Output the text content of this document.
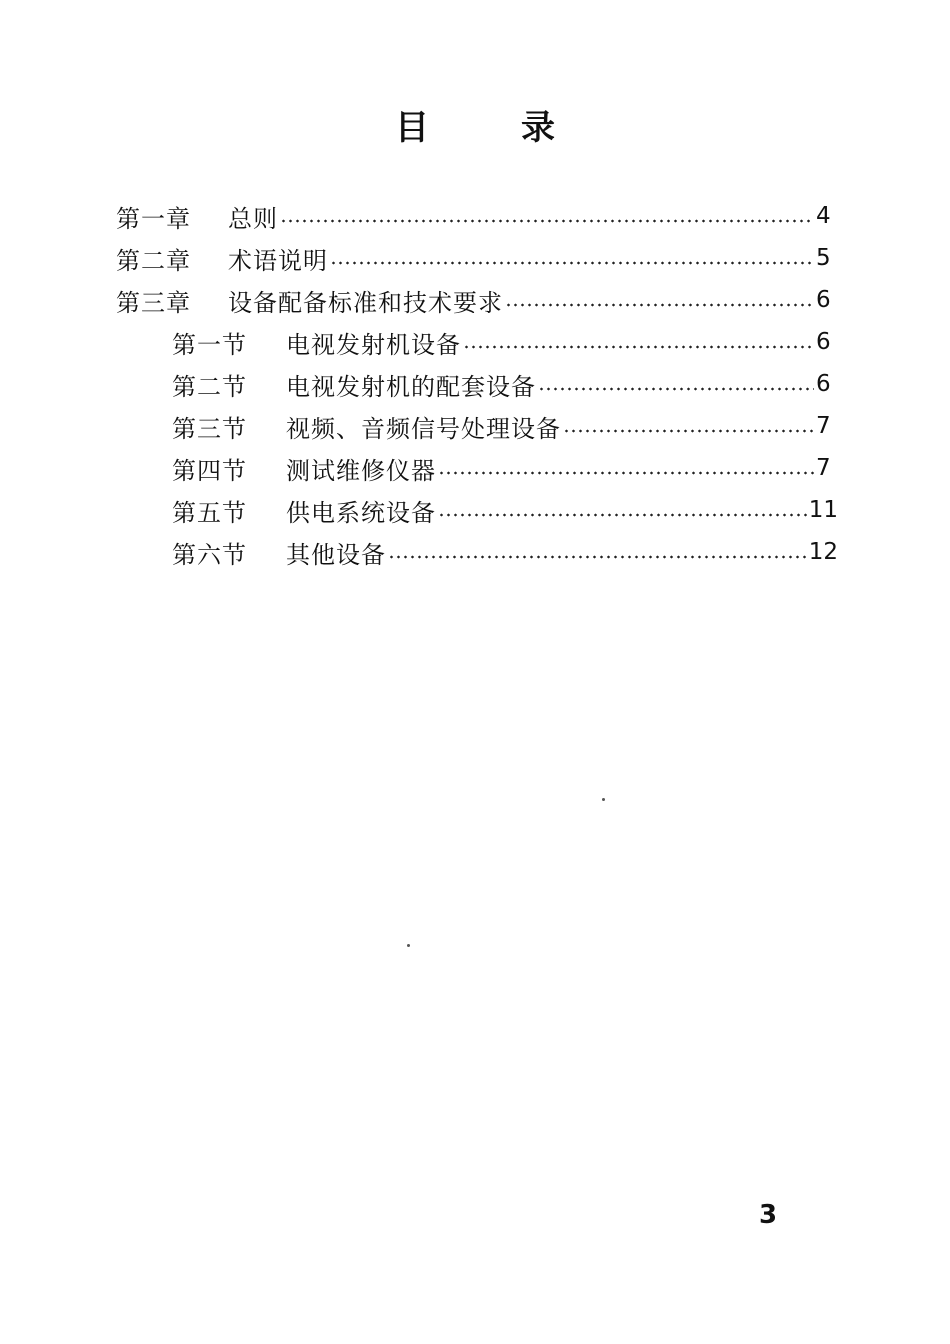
目	录
第一章	总则	4
第二章	术语说明	5
第三章	设备配备标准和技术要求	6
第一节	电视发射机设备	6
第二节	电视发射机的配套设备	6
第三节	视频、音频信号处理设备	7
第四节	测试维修仪器	7
第五节	供电系统设备	11
第六节	其他设备	12
3
